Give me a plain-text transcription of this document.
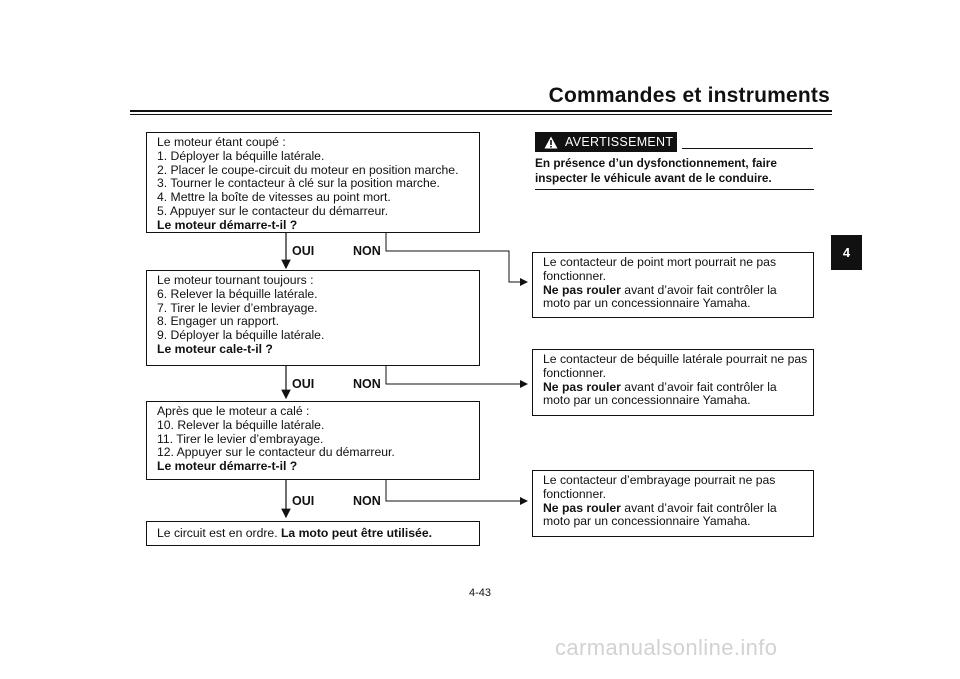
Commandes et instruments
4
Le moteur étant coupé :
1. Déployer la béquille latérale.
2. Placer le coupe-circuit du moteur en position marche.
3. Tourner le contacteur à clé sur la position marche.
4. Mettre la boîte de vitesses au point mort.
5. Appuyer sur le contacteur du démarreur.
Le moteur démarre-t-il ?
OUI	NON
Le moteur tournant toujours :
6. Relever la béquille latérale.
7. Tirer le levier d’embrayage.
8. Engager un rapport.
9. Déployer la béquille latérale.
Le moteur cale-t-il ?
OUI	NON
Après que le moteur a calé :
10. Relever la béquille latérale.
11. Tirer le levier d’embrayage.
12. Appuyer sur le contacteur du démarreur.
Le moteur démarre-t-il ?
OUI	NON
Le circuit est en ordre. La moto peut être utilisée.
AVERTISSEMENT
En présence d’un dysfonctionnement, faire inspecter le véhicule avant de le conduire.
Le contacteur de point mort pourrait ne pas
fonctionner.
Ne pas rouler avant d’avoir fait contrôler la
moto par un concessionnaire Yamaha.
Le contacteur de béquille latérale pourrait ne pas
fonctionner.
Ne pas rouler avant d’avoir fait contrôler la
moto par un concessionnaire Yamaha.
Le contacteur d’embrayage pourrait ne pas
fonctionner.
Ne pas rouler avant d’avoir fait contrôler la
moto par un concessionnaire Yamaha.
4-43
carmanualsonline.info
